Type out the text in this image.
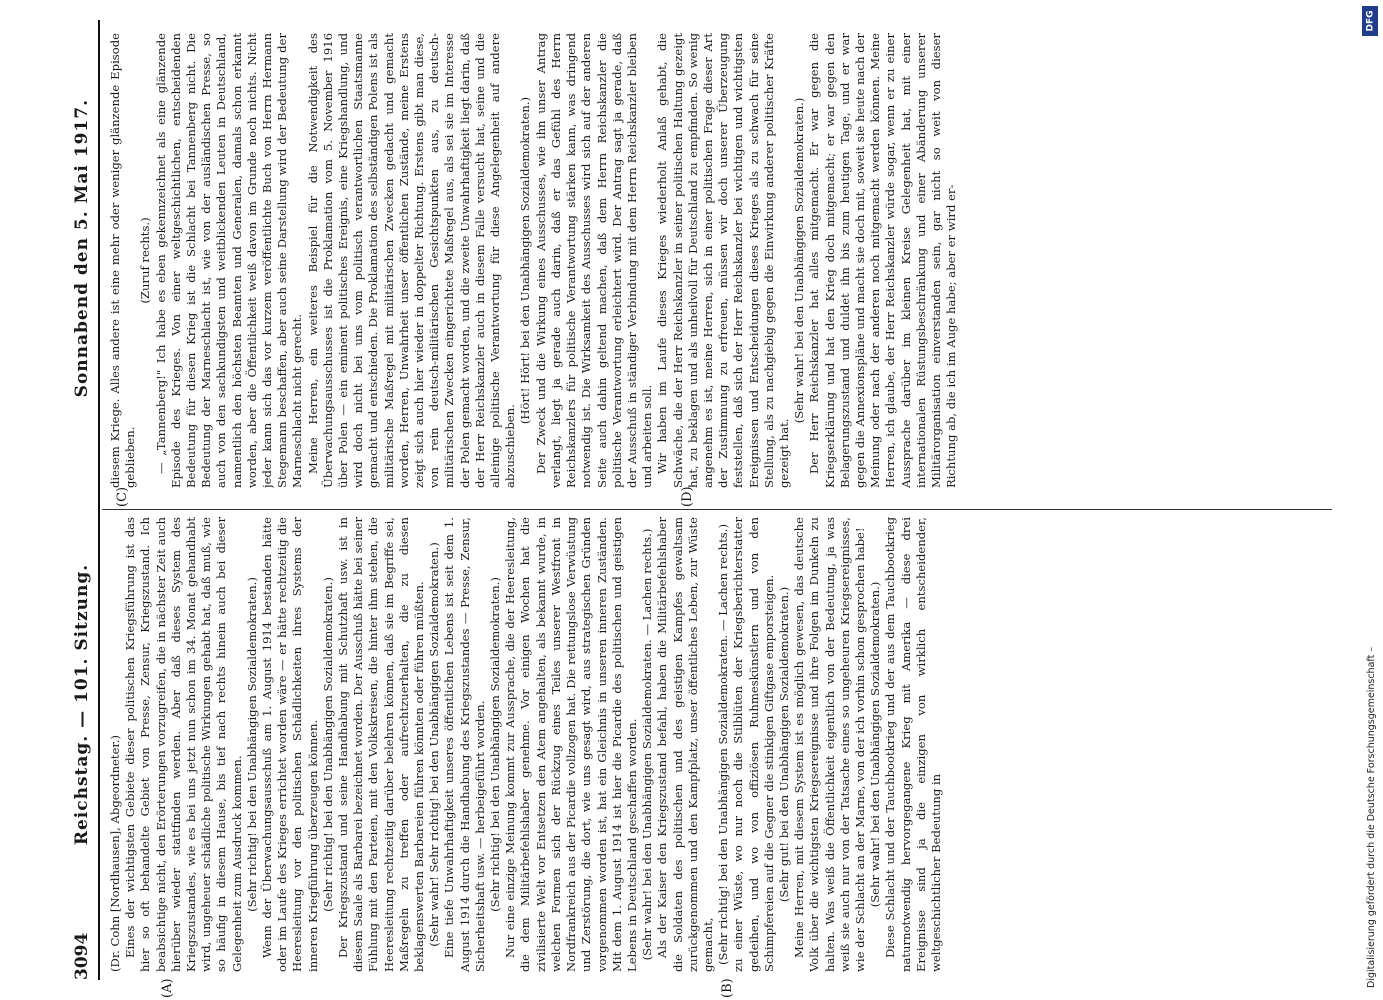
3094
Reichstag. — 101. Sitzung.
Sonnabend den 5. Mai 1917.
(A)	(B)
(C)	(D)

(Dr. Cohn [Nordhausen], Abgeordneter.) Eines der wichtigsten Gebiete dieser politischen Kriegsführung ist das hier so oft behandelte Gebiet von Presse, Zensur, Kriegszustand. Ich beabsichtige nicht, den Erörterungen vorzugreifen, die in nächster Zeit auch hierüber wieder stattfinden werden. Aber daß dieses System des Kriegszustandes, wie es bei uns jetzt nun schon im 34. Monat gehandhabt wird, ungeheuer schädliche politische Wirkungen gehabt hat, daß muß, wie so häufig in diesem Hause, bis tief nach rechts hinein auch bei dieser Gelegenheit zum Ausdruck kommen. (Sehr richtig! bei den Unabhängigen Sozialdemokraten.) Wenn der Überwachungsausschuß am 1. August 1914 bestanden hätte oder im Laufe des Krieges errichtet worden wäre — er hätte rechtzeitig die Heeresleitung vor den politischen Schädlichkeiten ihres Systems der inneren Kriegführung überzeugen können. (Sehr richtig! bei den Unabhängigen Sozialdemokraten.) Der Kriegszustand und seine Handhabung mit Schutzhaft usw. ist in diesem Saale als Barbarei bezeichnet worden. Der Ausschuß hätte bei seiner Fühlung mit den Parteien, mit den Volkskreisen, die hinter ihm stehen, die Heeresleitung rechtzeitig darüber belehren können, daß sie im Begriffe sei, Maßregeln zu treffen oder aufrechtzuerhalten, die zu diesen beklagenswerten Barbareien führen könnten oder führen müßten. (Sehr wahr! Sehr richtig! bei den Unabhängigen Sozialdemokraten.) Eine tiefe Unwahrhaftigkeit unseres öffentlichen Lebens ist seit dem 1. August 1914 durch die Handhabung des Kriegszustandes — Presse, Zensur, Sicherheitshaft usw. — herbeigeführt worden. (Sehr richtig! bei den Unabhängigen Sozialdemokraten.) Nur eine einzige Meinung kommt zur Aussprache, die der Heeresleitung, die dem Militärbefehlshaber genehme. Vor einigen Wochen hat die zivilisierte Welt vor Entsetzen den Atem angehalten, als bekannt wurde, in welchen Formen sich der Rückzug eines Teiles unserer Westfront in Nordfrankreich aus der Picardie vollzogen hat. Die rettungslose Verwüstung und Zerstörung, die dort, wie uns gesagt wird, aus strategischen Gründen vorgenommen worden ist, hat ein Gleichnis in unseren inneren Zuständen. Mit dem 1. August 1914 ist hier die Picardie des politischen und geistigen Lebens in Deutschland geschaffen worden. (Sehr wahr! bei den Unabhängigen Sozialdemokraten. — Lachen rechts.) Als der Kaiser den Kriegszustand befahl, haben die Militärbefehlshaber die Soldaten des politischen und des geistigen Kampfes gewaltsam zurückgenommen und den Kampfplatz, unser öffentliches Leben, zur Wüste gemacht, (Sehr richtig! bei den Unabhängigen Sozialdemokraten. — Lachen rechts.) zu einer Wüste, wo nur noch die Stilblüten der Kriegsberichterstatter gedeihen, und wo von offiziösen Ruhmeskünstlern und von den Schimpfereien auf die Gegner die stinkigen Giftgase emporsteigen. (Sehr gut! bei den Unabhängigen Sozialdemokraten.) Meine Herren, mit diesem System ist es möglich gewesen, das deutsche Volk über die wichtigsten Kriegsereignisse und ihre Folgen im Dunkeln zu halten. Was weiß die Öffentlichkeit eigentlich von der Bedeutung, ja was weiß sie auch nur von der Tatsache eines so ungeheuren Kriegsereignisses, wie der Schlacht an der Marne, von der ich vorhin schon gesprochen habe! (Sehr wahr! bei den Unabhängigen Sozialdemokraten.) Diese Schlacht und der Tauchbootkrieg und der aus dem Tauchbootkrieg naturnotwendig hervorgegangene Krieg mit Amerika — diese drei Ereignisse sind ja die einzigen von wirklich entscheidender, weltgeschichtlicher Bedeutung in

diesem Kriege. Alles andere ist eine mehr oder weniger glänzende Episode geblieben.

(Zuruf rechts.) — „Tannenberg!" Ich habe es eben gekennzeichnet als eine glänzende Episode des Krieges. Von einer weltgeschichtlichen, entscheidenden Bedeutung für diesen Krieg ist die Schlacht bei Tannenberg nicht. Die Bedeutung der Marneschlacht ist, wie von der ausländischen Presse, so auch von den sachkundigsten und weitblickenden Leuten in Deutschland, namentlich den höchsten Beamten und Generalen, damals schon erkannt worden, aber die Öffentlichkeit weiß davon im Grunde noch nichts. Nicht jeder kann sich das vor kurzem veröffentlichte Buch von Herrn Hermann Stegemann beschaffen, aber auch seine Darstellung wird der Bedeutung der Marneschlacht nicht gerecht. Meine Herren, ein weiteres Beispiel für die Notwendigkeit des Überwachungsausschusses ist die Proklamation vom 5. November 1916 über Polen — ein eminent politisches Ereignis, eine Kriegshandlung, und wird doch nicht bei uns vom politisch verantwortlichen Staatsmanne gemacht und entschieden. Die Proklamation des selbständigen Polens ist als militärische Maßregel mit militärischen Zwecken gedacht und gemacht worden, Herren, Unwahrheit unser öffentlichen Zustände, meine Erstens zeigt sich auch hier wieder in doppelter Richtung. Erstens gibt man diese, von rein deutsch-militärischen Gesichtspunkten aus, zu deutsch-militärischen Zwecken eingerichtete Maßregel aus, als sei sie im Interesse der Polen gemacht worden, und die zweite Unwahrhaftigkeit liegt darin, daß der Herr Reichskanzler auch in diesem Falle versucht hat, seine und die alleinige politische Verantwortung für diese Angelegenheit auf andere abzuschieben.

(Hört! Hört! bei den Unabhängigen Sozialdemokraten.) Der Zweck und die Wirkung eines Ausschusses, wie ihn unser Antrag verlangt, liegt ja gerade auch darin, daß er das Gefühl des Herrn Reichskanzlers für politische Verantwortung stärken kann, was dringend notwendig ist. Die Wirksamkeit des Ausschusses wird sich auf der anderen Seite auch dahin geltend machen, daß dem Herrn Reichskanzler die politische Verantwortung erleichtert wird. Der Antrag sagt ja gerade, daß der Ausschuß in ständiger Verbindung mit dem Herrn Reichskanzler bleiben und arbeiten soll. Wir haben im Laufe dieses Krieges wiederholt Anlaß gehabt, die Schwäche, die der Herr Reichskanzler in seiner politischen Haltung gezeigt hat, zu beklagen und als unheilvoll für Deutschland zu empfinden. So wenig angenehm es ist, meine Herren, sich in einer politischen Frage dieser Art der Zustimmung zu erfreuen, müssen wir doch unserer Überzeugung feststellen, daß sich der Herr Reichskanzler bei wichtigen und wichtigsten Ereignissen und Entscheidungen dieses Krieges als zu schwach für seine Stellung, als zu nachgiebig gegen die Einwirkung anderer politischer Kräfte gezeigt hat.

(Sehr wahr! bei den Unabhängigen Sozialdemokraten.) Der Herr Reichskanzler hat alles mitgemacht. Er war gegen die Kriegserklärung und hat den Krieg doch mitgemacht; er war gegen den Belagerungszustand und duldet ihn bis zum heutigen Tage, und er war gegen die Annexionspläne und macht sie doch mit, soweit sie heute nach der Meinung oder nach der anderen noch mitgemacht werden können. Meine Herren, ich glaube, der Herr Reichskanzler würde sogar, wenn er zu einer Aussprache darüber im kleinen Kreise Gelegenheit hat, mit einer internationalen Rüstungsbeschränkung und einer Abänderung unserer Militärorganisation einverstanden sein, gar nicht so weit von dieser Richtung ab, die ich im Auge habe; aber er wird er-

Digitalisierung gefördert durch die Deutsche Forschungsgemeinschaft –
DFG
